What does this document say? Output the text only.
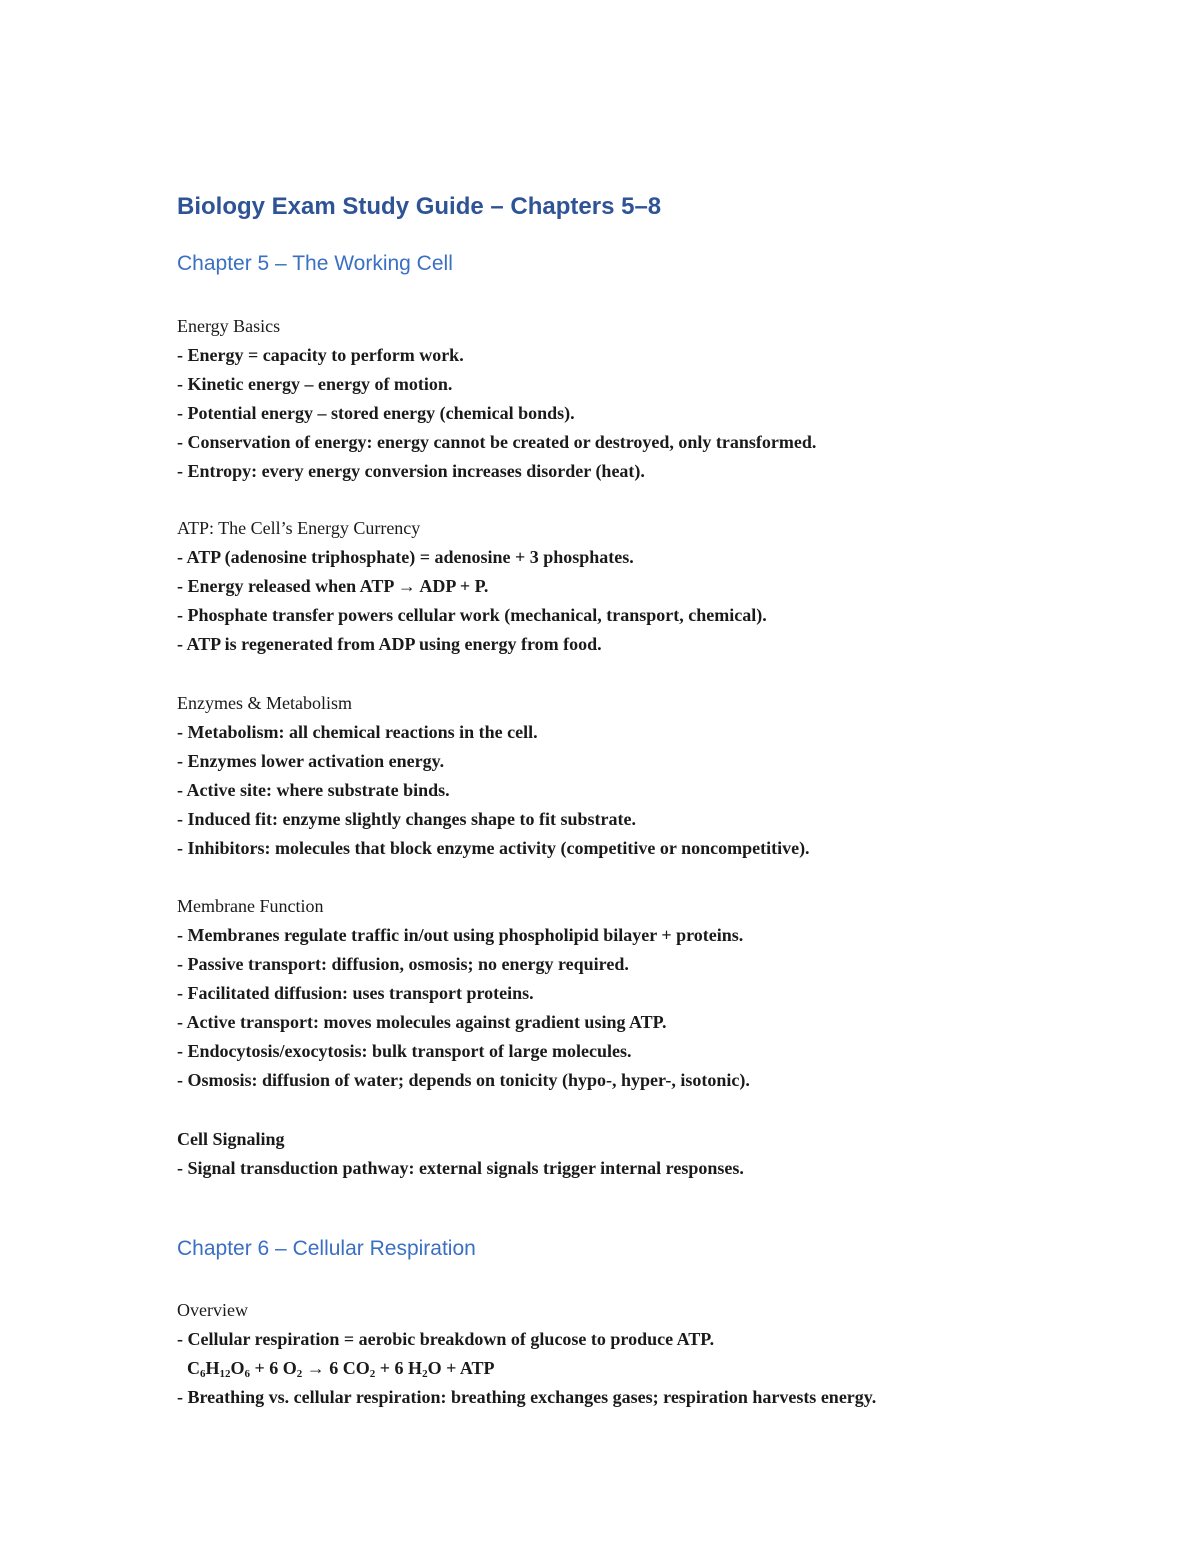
Biology Exam Study Guide – Chapters 5–8
Chapter 5 – The Working Cell

Energy Basics

- Energy = capacity to perform work.
- Kinetic energy – energy of motion.
- Potential energy – stored energy (chemical bonds).
- Conservation of energy: energy cannot be created or destroyed, only transformed.
- Entropy: every energy conversion increases disorder (heat).

ATP: The Cell’s Energy Currency

- ATP (adenosine triphosphate) = adenosine + 3 phosphates.
- Energy released when ATP → ADP + P.
- Phosphate transfer powers cellular work (mechanical, transport, chemical).
- ATP is regenerated from ADP using energy from food.

Enzymes & Metabolism

- Metabolism: all chemical reactions in the cell.
- Enzymes lower activation energy.
- Active site: where substrate binds.
- Induced fit: enzyme slightly changes shape to fit substrate.
- Inhibitors: molecules that block enzyme activity (competitive or noncompetitive).

Membrane Function

- Membranes regulate traffic in/out using phospholipid bilayer + proteins.
- Passive transport: diffusion, osmosis; no energy required.
- Facilitated diffusion: uses transport proteins.
- Active transport: moves molecules against gradient using ATP.
- Endocytosis/exocytosis: bulk transport of large molecules.
- Osmosis: diffusion of water; depends on tonicity (hypo-, hyper-, isotonic).

Cell Signaling

- Signal transduction pathway: external signals trigger internal responses.
Chapter 6 – Cellular Respiration

Overview

- Cellular respiration = aerobic breakdown of glucose to produce ATP.
$C_6H_{12}O_6 + 6$ $O_2 \to 6$ $CO_2 + 6$ $H_2O$ + ATP
- Breathing vs. cellular respiration: breathing exchanges gases; respiration harvests energy.
